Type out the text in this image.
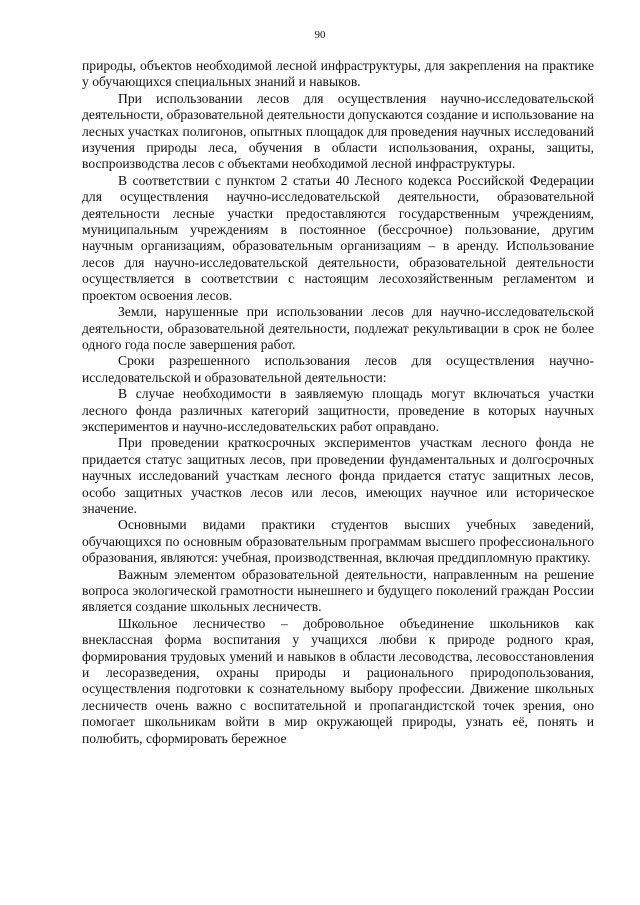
90

природы, объектов необходимой лесной инфраструктуры, для закрепления на практике у обучающихся специальных знаний и навыков.

При использовании лесов для осуществления научно-исследовательской деятельности, образовательной деятельности допускаются создание и использование на лесных участках полигонов, опытных площадок для проведения научных исследований изучения природы леса, обучения в области использования, охраны, защиты, воспроизводства лесов с объектами необходимой лесной инфраструктуры.

В соответствии с пунктом 2 статьи 40 Лесного кодекса Российской Федерации для осуществления научно-исследовательской деятельности, образовательной деятельности лесные участки предоставляются государственным учреждениям, муниципальным учреждениям в постоянное (бессрочное) пользование, другим научным организациям, образовательным организациям – в аренду. Использование лесов для научно-исследовательской деятельности, образовательной деятельности осуществляется в соответствии с настоящим лесохозяйственным регламентом и проектом освоения лесов.

Земли, нарушенные при использовании лесов для научно-исследовательской деятельности, образовательной деятельности, подлежат рекультивации в срок не более одного года после завершения работ.

Сроки разрешенного использования лесов для осуществления научно-исследовательской и образовательной деятельности:

В случае необходимости в заявляемую площадь могут включаться участки лесного фонда различных категорий защитности, проведение в которых научных экспериментов и научно-исследовательских работ оправдано.

При проведении краткосрочных экспериментов участкам лесного фонда не придается статус защитных лесов, при проведении фундаментальных и долгосрочных научных исследований участкам лесного фонда придается статус защитных лесов, особо защитных участков лесов или лесов, имеющих научное или историческое значение.

Основными видами практики студентов высших учебных заведений, обучающихся по основным образовательным программам высшего профессионального образования, являются: учебная, производственная, включая преддипломную практику.

Важным элементом образовательной деятельности, направленным на решение вопроса экологической грамотности нынешнего и будущего поколений граждан России является создание школьных лесничеств.

Школьное лесничество – добровольное объединение школьников как внеклассная форма воспитания у учащихся любви к природе родного края, формирования трудовых умений и навыков в области лесоводства, лесовосстановления и лесоразведения, охраны природы и рационального природопользования, осуществления подготовки к сознательному выбору профессии. Движение школьных лесничеств очень важно с воспитательной и пропагандистской точек зрения, оно помогает школьникам войти в мир окружающей природы, узнать её, понять и полюбить, сформировать бережное
